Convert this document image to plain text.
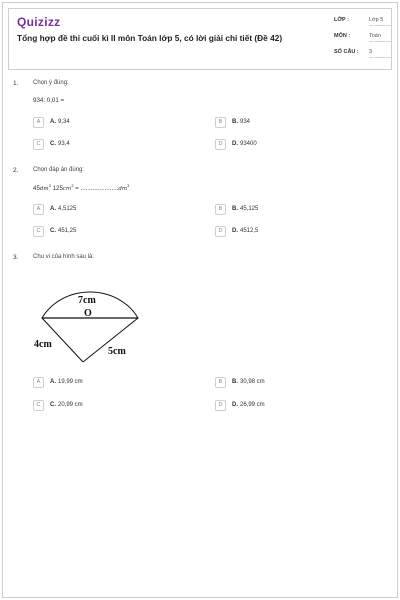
Quizizz
Tổng hợp đề thi cuối kì II môn Toán lớp 5, có lời giải chi tiết (Đề 42)
LỚP :	Lớp 5
MÔN :	Toán
SỐ CÂU : 3
1. Chọn ý đúng:
934: 0,01 =
A	A. 9,34	B	B. 934
C	C. 93,4	D	D. 93400
2. Chọn đáp án đúng:
$45dm^3$ $125cm^3 = ......................dm^3$
A	A. 4,5125	B	B. 45,125
C	C. 451,25	D	D. 4512,5
3. Chu vi của hình sau là:
7cm
O
4cm
5cm
A	A. 19,99 cm	B	B. 30,98 cm
C	C. 20,99 cm	D	D. 26,99 cm
